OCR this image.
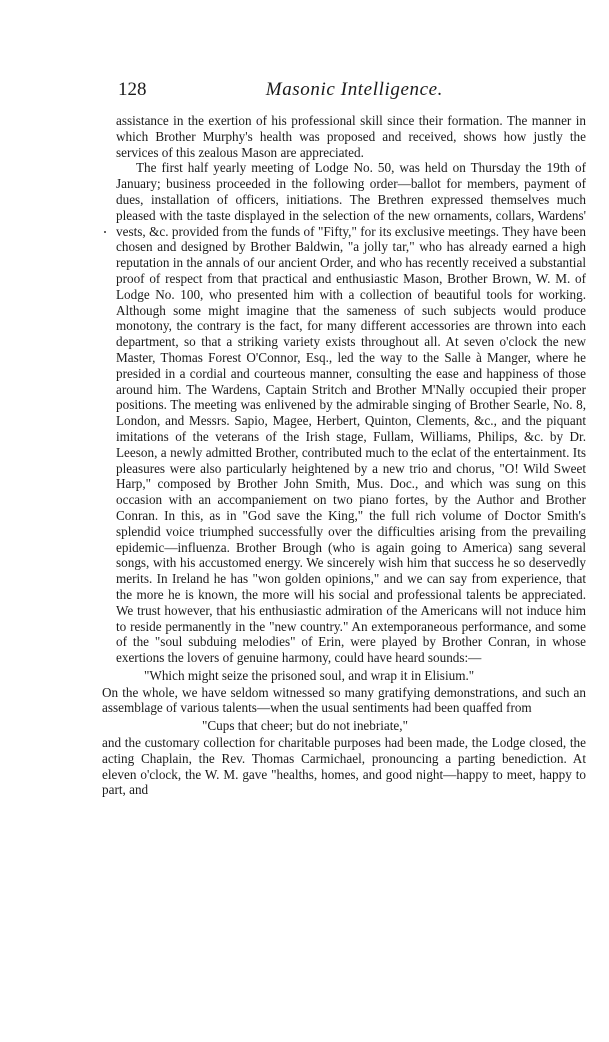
128	Masonic Intelligence.

assistance in the exertion of his professional skill since their formation. The manner in which Brother Murphy's health was proposed and received, shows how justly the services of this zealous Mason are appreciated.

The first half yearly meeting of Lodge No. 50, was held on Thursday the 19th of January; business proceeded in the following order—ballot for members, payment of dues, installation of officers, initiations. The Brethren expressed themselves much pleased with the taste displayed in the selection of the new ornaments, collars, Wardens' vests, &c. provided from the funds of "Fifty," for its exclusive meetings. They have been chosen and designed by Brother Baldwin, "a jolly tar," who has already earned a high reputation in the annals of our ancient Order, and who has recently received a substantial proof of respect from that practical and enthusiastic Mason, Brother Brown, W. M. of Lodge No. 100, who presented him with a collection of beautiful tools for working. Although some might imagine that the sameness of such subjects would produce monotony, the contrary is the fact, for many different accessories are thrown into each department, so that a striking variety exists throughout all. At seven o'clock the new Master, Thomas Forest O'Connor, Esq., led the way to the Salle à Manger, where he presided in a cordial and courteous manner, consulting the ease and happiness of those around him. The Wardens, Captain Stritch and Brother M'Nally occupied their proper positions. The meeting was enlivened by the admirable singing of Brother Searle, No. 8, London, and Messrs. Sapio, Magee, Herbert, Quinton, Clements, &c., and the piquant imitations of the veterans of the Irish stage, Fullam, Williams, Philips, &c. by Dr. Leeson, a newly admitted Brother, contributed much to the eclat of the entertainment. Its pleasures were also particularly heightened by a new trio and chorus, "O! Wild Sweet Harp," composed by Brother John Smith, Mus. Doc., and which was sung on this occasion with an accompaniement on two piano fortes, by the Author and Brother Conran. In this, as in "God save the King," the full rich volume of Doctor Smith's splendid voice triumphed successfully over the difficulties arising from the prevailing epidemic—influenza. Brother Brough (who is again going to America) sang several songs, with his accustomed energy. We sincerely wish him that success he so deservedly merits. In Ireland he has "won golden opinions," and we can say from experience, that the more he is known, the more will his social and professional talents be appreciated. We trust however, that his enthusiastic admiration of the Americans will not induce him to reside permanently in the "new country." An extemporaneous performance, and some of the "soul subduing melodies" of Erin, were played by Brother Conran, in whose exertions the lovers of genuine harmony, could have heard sounds:—

"Which might seize the prisoned soul, and wrap it in Elisium."

On the whole, we have seldom witnessed so many gratifying demonstrations, and such an assemblage of various talents—when the usual sentiments had been quaffed from

"Cups that cheer; but do not inebriate,"

and the customary collection for charitable purposes had been made, the Lodge closed, the acting Chaplain, the Rev. Thomas Carmichael, pronouncing a parting benediction. At eleven o'clock, the W. M. gave "healths, homes, and good night—happy to meet, happy to part, and
